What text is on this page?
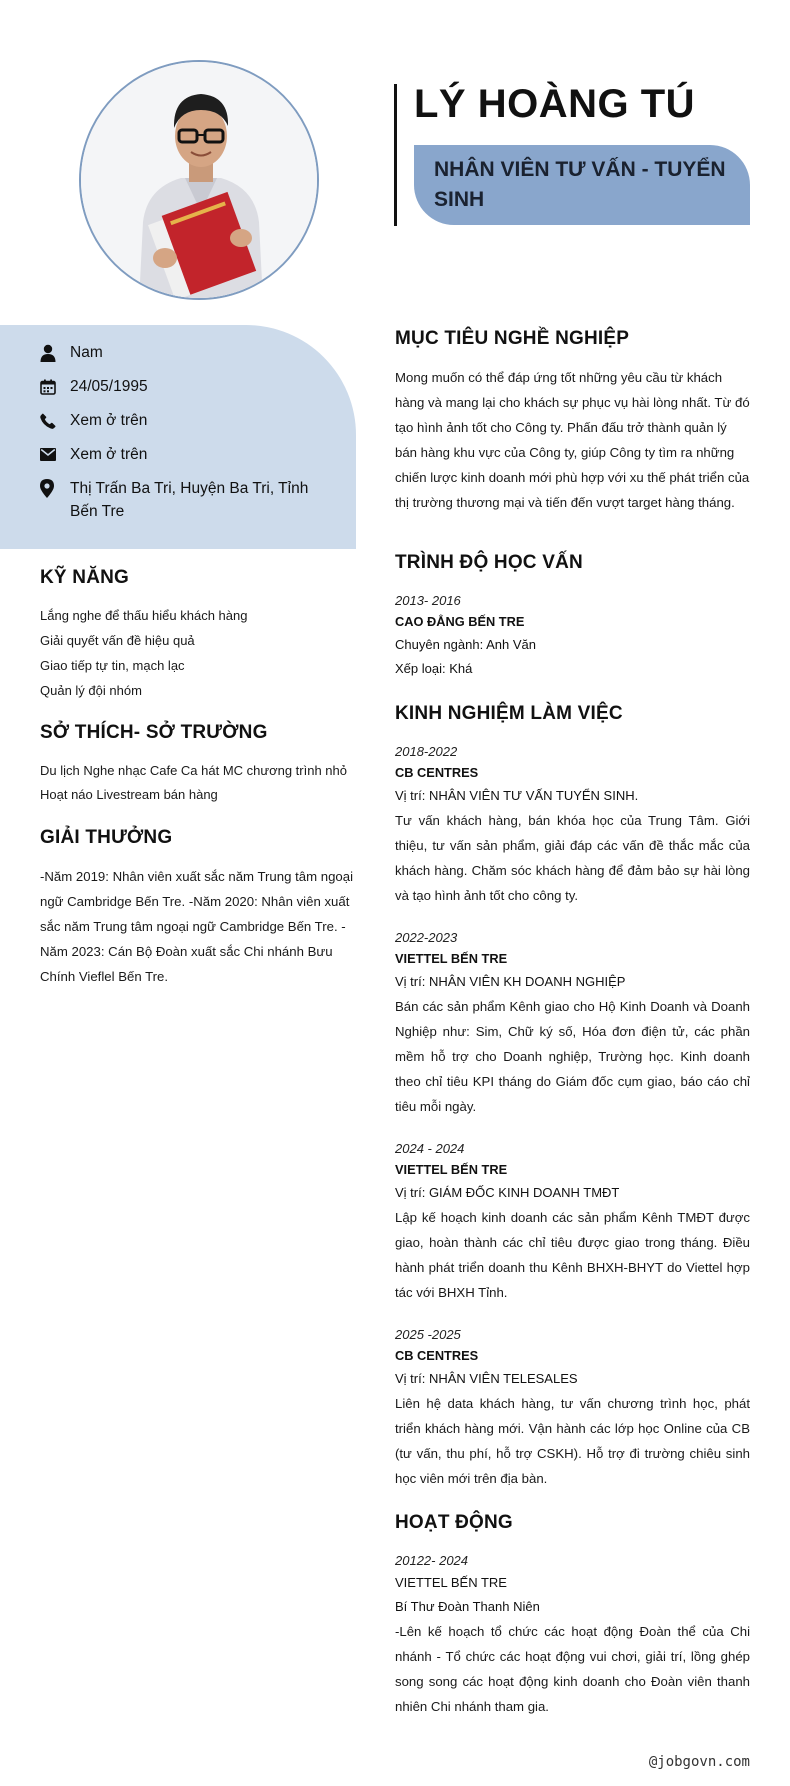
LÝ HOÀNG TÚ
NHÂN VIÊN TƯ VẤN - TUYỂN SINH
Nam
24/05/1995
Xem ở trên
Xem ở trên
Thị Trấn Ba Tri, Huyện Ba Tri, Tỉnh Bến Tre
KỸ NĂNG
Lắng nghe để thấu hiểu khách hàng
Giải quyết vấn đề hiệu quả
Giao tiếp tự tin, mạch lạc
Quản lý đội nhóm
SỞ THÍCH- SỞ TRƯỜNG
Du lịch Nghe nhạc Cafe Ca hát MC chương trình nhỏ Hoạt náo Livestream bán hàng
GIẢI THƯỞNG
-Năm 2019: Nhân viên xuất sắc năm Trung tâm ngoại ngữ Cambridge Bến Tre. -Năm 2020: Nhân viên xuất sắc năm Trung tâm ngoại ngữ Cambridge Bến Tre. -Năm 2023: Cán Bộ Đoàn xuất sắc Chi nhánh Bưu Chính Vieflel Bến Tre.
MỤC TIÊU NGHỀ NGHIỆP
Mong muốn có thể đáp ứng tốt những yêu cầu từ khách hàng và mang lại cho khách sự phục vụ hài lòng nhất. Từ đó tạo hình ảnh tốt cho Công ty. Phấn đấu trở thành quản lý bán hàng khu vực của Công ty, giúp Công ty tìm ra những chiến lược kinh doanh mới phù hợp với xu thế phát triển của thị trường thương mại và tiến đến vượt target hàng tháng.
TRÌNH ĐỘ HỌC VẤN
2013- 2016
CAO ĐẲNG BẾN TRE
Chuyên ngành: Anh Văn
Xếp loại: Khá
KINH NGHIỆM LÀM VIỆC
2018-2022
CB CENTRES
Vị trí: NHÂN VIÊN TƯ VẤN TUYỂN SINH.
Tư vấn khách hàng, bán khóa học của Trung Tâm. Giới thiệu, tư vấn sản phẩm, giải đáp các vấn đề thắc mắc của khách hàng. Chăm sóc khách hàng để đảm bảo sự hài lòng và tạo hình ảnh tốt cho công ty.
2022-2023
VIETTEL BẾN TRE
Vị trí: NHÂN VIÊN KH DOANH NGHIỆP
Bán các sản phẩm Kênh giao cho Hộ Kinh Doanh và Doanh Nghiệp như: Sim, Chữ ký số, Hóa đơn điện tử, các phần mềm hỗ trợ cho Doanh nghiệp, Trường học. Kinh doanh theo chỉ tiêu KPI tháng do Giám đốc cụm giao, báo cáo chỉ tiêu mỗi ngày.
2024 - 2024
VIETTEL BẾN TRE
Vị trí: GIÁM ĐỐC KINH DOANH TMĐT
Lập kế hoạch kinh doanh các sản phẩm Kênh TMĐT được giao, hoàn thành các chỉ tiêu được giao trong tháng. Điều hành phát triển doanh thu Kênh BHXH-BHYT do Viettel hợp tác với BHXH Tỉnh.
2025 -2025
CB CENTRES
Vị trí: NHÂN VIÊN TELESALES
Liên hệ data khách hàng, tư vấn chương trình học, phát triển khách hàng mới. Vận hành các lớp học Online của CB (tư vấn, thu phí, hỗ trợ CSKH). Hỗ trợ đi trường chiêu sinh học viên mới trên địa bàn.
HOẠT ĐỘNG
20122- 2024
VIETTEL BẾN TRE
Bí Thư Đoàn Thanh Niên
-Lên kế hoạch tổ chức các hoạt động Đoàn thể của Chi nhánh - Tổ chức các hoạt động vui chơi, giải trí, lồng ghép song song các hoạt động kinh doanh cho Đoàn viên thanh nhiên Chi nhánh tham gia.
@jobgovn.com
